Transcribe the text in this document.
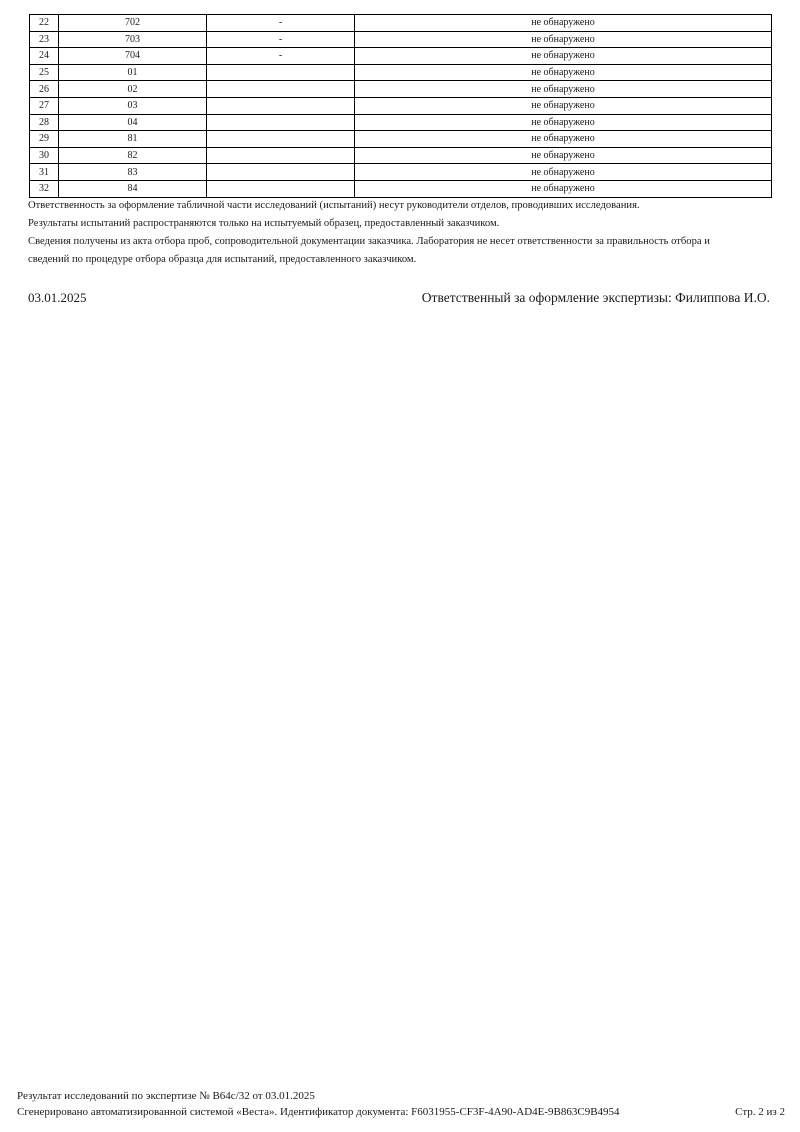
22	702	-	не обнаружено
23	703	-	не обнаружено
24	704	-	не обнаружено
25	01		не обнаружено
26	02		не обнаружено
27	03		не обнаружено
28	04		не обнаружено
29	81		не обнаружено
30	82		не обнаружено
31	83		не обнаружено
32	84		не обнаружено

Ответственность за оформление табличной части исследований (испытаний) несут руководители отделов, проводивших исследования.

Результаты испытаний распространяются только на испытуемый образец, предоставленный заказчиком.

Сведения получены из акта отбора проб, сопроводительной документации заказчика. Лаборатория не несет ответственности за правильность отбора и сведений по процедуре отбора образца для испытаний, предоставленного заказчиком.

03.01.2025	Ответственный за оформление экспертизы: Филиппова И.О.
Результат исследований по экспертизе № В64с/32 от 03.01.2025
Сгенерировано автоматизированной системой «Веста». Идентификатор документа: F6031955-CF3F-4A90-AD4E-9B863C9B4954	Стр. 2 из 2
